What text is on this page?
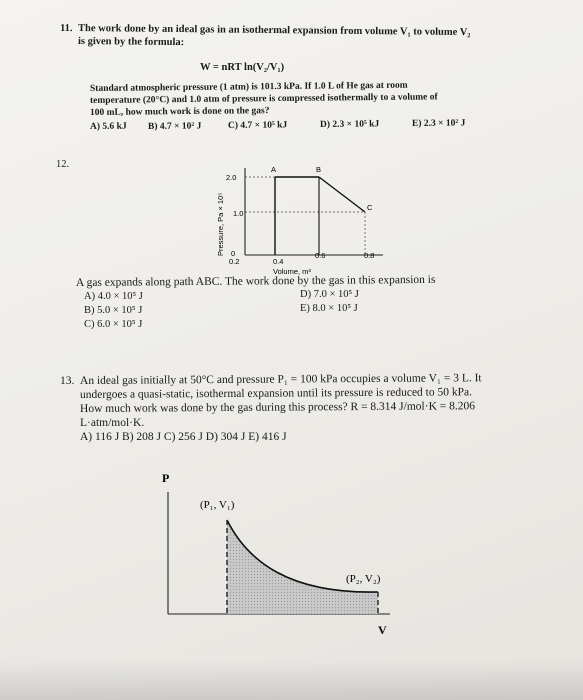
11. The work done by an ideal gas in an isothermal expansion from volume V₁ to volume V₂
is given by the formula:
W = nRT ln(V₂/V₁)
Standard atmospheric pressure (1 atm) is 101.3 kPa. If 1.0 L of He gas at room
temperature (20°C) and 1.0 atm of pressure is compressed isothermally to a volume of
100 mL, how much work is done on the gas?
A) 5.6 kJ B) 4.7 × 10² J	C) 4.7 × 10⁵ kJ	D) 2.3 × 10⁵ kJ	E) 2.3 × 10² J
12.
2.0
1.0
0
0.2	0.4
0.6	0.8
A	B
C
Pressure, Pa × 10⁵
Volume, m³
A gas expands along path ABC. The work done by the gas in this expansion is
A) 4.0 × 10⁵ J
B) 5.0 × 10⁵ J
C) 6.0 × 10⁵ J
D) 7.0 × 10⁵ J
E) 8.0 × 10⁵ J
13. An ideal gas initially at 50°C and pressure P₁ = 100 kPa occupies a volume V₁ = 3 L. It
undergoes a quasi-static, isothermal expansion until its pressure is reduced to 50 kPa.
How much work was done by the gas during this process? R = 8.314 J/mol·K = 8.206
L·atm/mol·K.
A) 116 J B) 208 J C) 256 J D) 304 J E) 416 J
P
V
(P₁, V₁)
(P₂, V₂)
